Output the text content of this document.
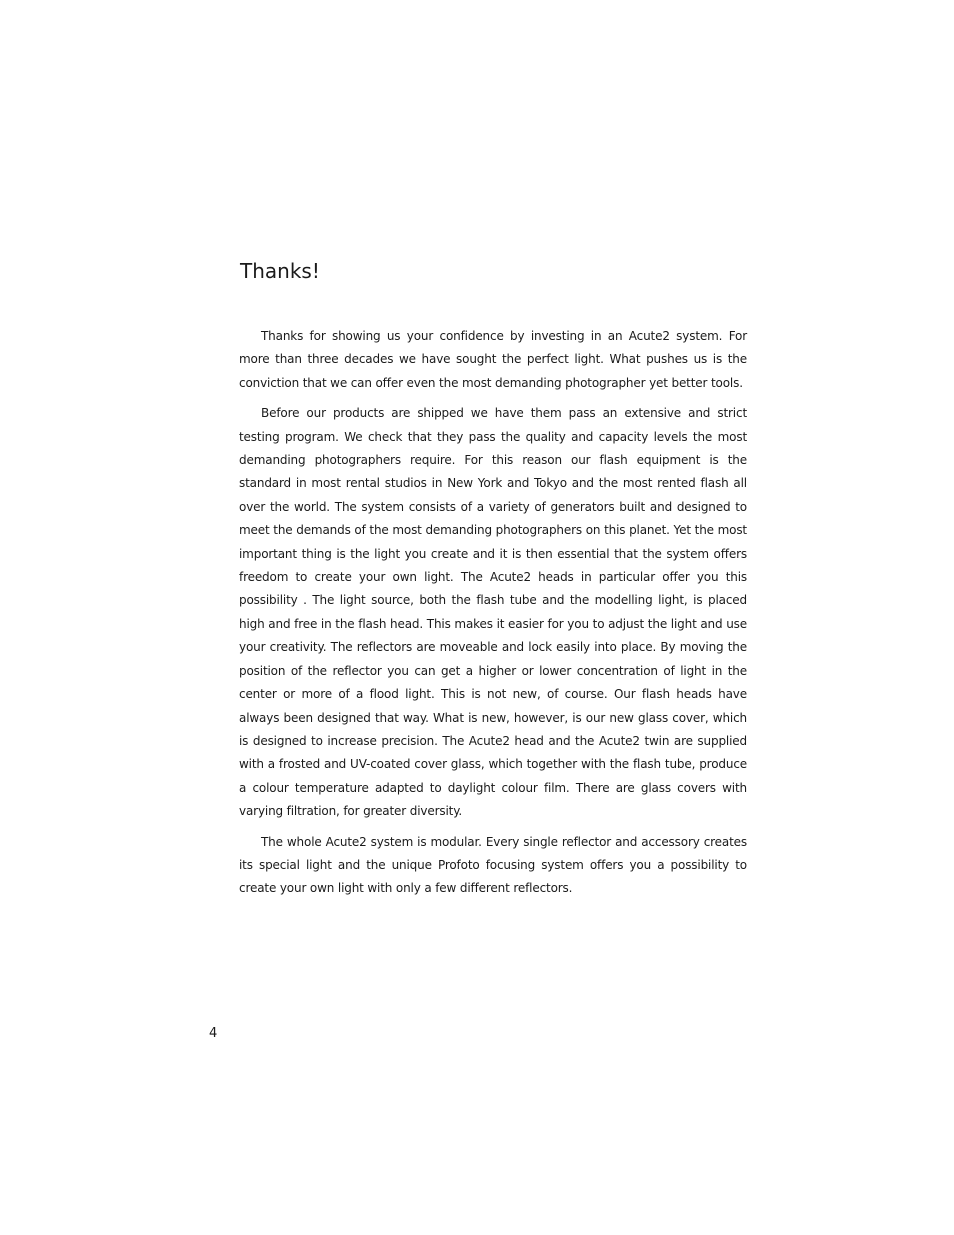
Thanks!

Thanks for showing us your confidence by investing in an Acute2 system. For more than three decades we have sought the perfect light. What pushes us is the conviction that we can offer even the most demanding photographer yet better tools.

Before our products are shipped we have them pass an extensive and strict testing program. We check that they pass the quality and capacity levels the most demanding photographers require. For this reason our flash equipment is the standard in most rental studios in New York and Tokyo and the most rented flash all over the world. The system consists of a variety of generators built and designed to meet the demands of the most demanding photographers on this planet. Yet the most important thing is the light you create and it is then essential that the system offers freedom to create your own light. The Acute2 heads in particular offer you this possibility . The light source, both the flash tube and the modelling light, is placed high and free in the flash head. This makes it easier for you to adjust the light and use your creativity. The reflectors are moveable and lock easily into place. By moving the position of the reflector you can get a higher or lower concentration of light in the center or more of a flood light. This is not new, of course. Our flash heads have always been designed that way. What is new, however, is our new glass cover, which is designed to increase precision. The Acute2 head and the Acute2 twin are supplied with a frosted and UV-coated cover glass, which together with the flash tube, produce a colour temperature adapted to daylight colour film. There are glass covers with varying filtration, for greater diversity.

The whole Acute2 system is modular. Every single reflector and accessory creates its special light and the unique Profoto focusing system offers you a possibility to create your own light with only a few different reflectors.

4
